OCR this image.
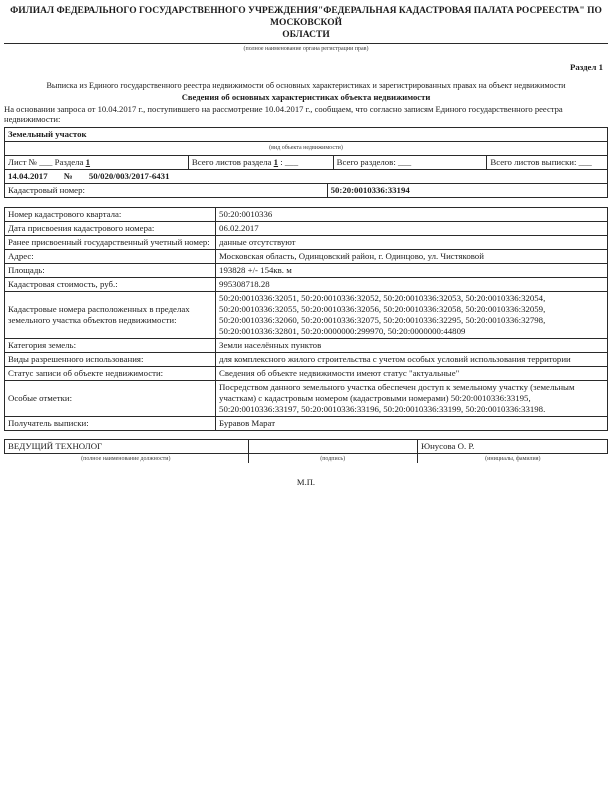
ФИЛИАЛ ФЕДЕРАЛЬНОГО ГОСУДАРСТВЕННОГО УЧРЕЖДЕНИЯ"ФЕДЕРАЛЬНАЯ КАДАСТРОВАЯ ПАЛАТА РОСРЕЕСТРА" ПО МОСКОВСКОЙ
ОБЛАСТИ
(полное наименование органа регистрации прав)
Раздел 1
Выписка из Единого государственного реестра недвижимости об основных характеристиках и зарегистрированных правах на объект недвижимости
Сведения об основных характеристиках объекта недвижимости
На основании запроса от 10.04.2017 г., поступившего на рассмотрение 10.04.2017 г., сообщаем, что согласно записям Единого государственного реестра недвижимости:
Земельный участок
(вид объекта недвижимости)
Лист № ___ Раздела 1	Всего листов раздела 1 : ___	Всего разделов: ___	Всего листов выписки: ___
14.04.2017 № 50/020/003/2017-6431
Кадастровый номер:	50:20:0010336:33194
Номер кадастрового квартала:	50:20:0010336
Дата присвоения кадастрового номера:	06.02.2017
Ранее присвоенный государственный учетный номер:	данные отсутствуют
Адрес:	Московская область, Одинцовский район, г. Одинцово, ул. Чистяковой
Площадь:	193828 +/- 154кв. м
Кадастровая стоимость, руб.:	995308718.28
Кадастровые номера расположенных в пределах земельного участка объектов недвижимости:	50:20:0010336:32051, 50:20:0010336:32052, 50:20:0010336:32053, 50:20:0010336:32054, 50:20:0010336:32055, 50:20:0010336:32056, 50:20:0010336:32058, 50:20:0010336:32059, 50:20:0010336:32060, 50:20:0010336:32075, 50:20:0010336:32295, 50:20:0010336:32798, 50:20:0010336:32801, 50:20:0000000:299970, 50:20:0000000:44809
Категория земель:	Земли населённых пунктов
Виды разрешенного использования:	для комплексного жилого строительства с учетом особых условий использования территории
Статус записи об объекте недвижимости:	Сведения об объекте недвижимости имеют статус "актуальные"
Особые отметки:	Посредством данного земельного участка обеспечен доступ к земельному участку (земельным участкам) с кадастровым номером (кадастровыми номерами) 50:20:0010336:33195, 50:20:0010336:33197, 50:20:0010336:33196, 50:20:0010336:33199, 50:20:0010336:33198.
Получатель выписки:	Буравов Марат
ВЕДУЩИЙ ТЕХНОЛОГ		Юнусова О. Р.
(полное наименование должности)	(подпись)	(инициалы, фамилия)
М.П.
